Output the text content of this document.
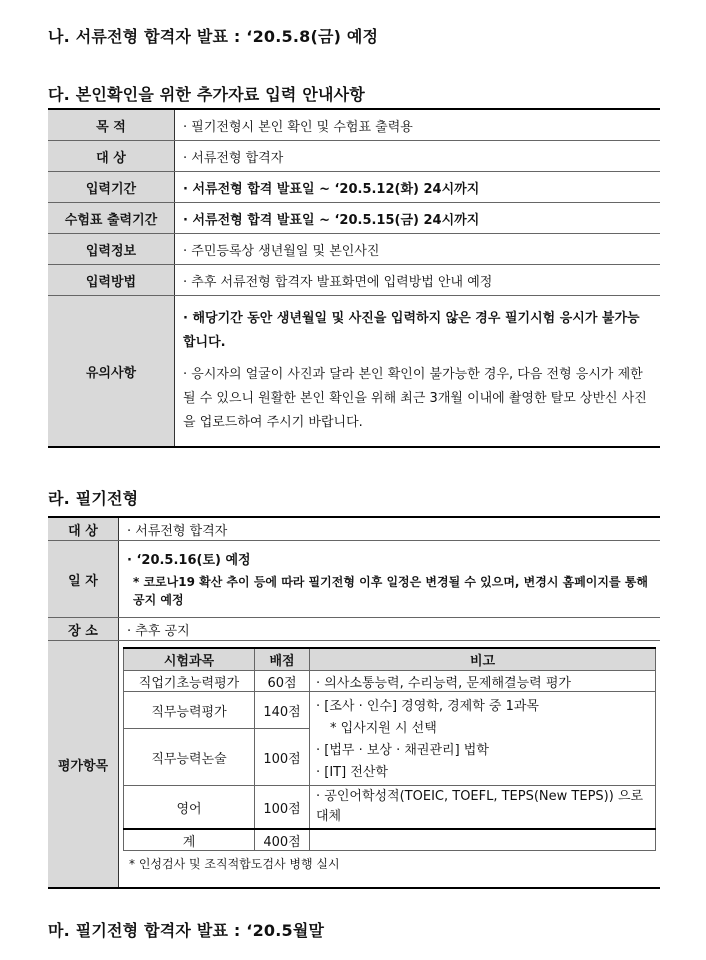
나. 서류전형 합격자 발표 : ‘20.5.8(금) 예정
다. 본인확인을 위한 추가자료 입력 안내사항
목 적	· 필기전형시 본인 확인 및 수험표 출력용
대 상	· 서류전형 합격자
입력기간	· 서류전형 합격 발표일 ~ ‘20.5.12(화) 24시까지
수험표 출력기간	· 서류전형 합격 발표일 ~ ‘20.5.15(금) 24시까지
입력정보	· 주민등록상 생년월일 및 본인사진
입력방법	· 추후 서류전형 합격자 발표화면에 입력방법 안내 예정
유의사항	· 해당기간 동안 생년월일 및 사진을 입력하지 않은 경우 필기시험 응시가 불가능합니다.

· 응시자의 얼굴이 사진과 달라 본인 확인이 불가능한 경우, 다음 전형 응시가 제한될 수 있으니 원활한 본인 확인을 위해 최근 3개월 이내에 촬영한 탈모 상반신 사진을 업로드하여 주시기 바랍니다.

라. 필기전형
대 상	· 서류전형 합격자
일 자	
· ‘20.5.16(토) 예정
* 코로나19 확산 추이 등에 따라 필기전형 이후 일정은 변경될 수 있으며, 변경시 홈페이지를 통해 공지 예정

장 소	· 추후 공지
평가항목	
시험과목	배점	비고
직업기초능력평가	60점	· 의사소통능력, 수리능력, 문제해결능력 평가
직무능력평가	140점	· [조사 · 인수] 경영학, 경제학 중 1과목
* 입사지원 시 선택
· [법무 · 보상 · 채권관리] 법학
· [IT] 전산학

직무능력논술	100점
영어	100점	· 공인어학성적(TOEIC, TOEFL, TEPS(New TEPS)) 으로 대체
계	400점	
* 인성검사 및 조직적합도검사 병행 실시
마. 필기전형 합격자 발표 : ‘20.5월말
